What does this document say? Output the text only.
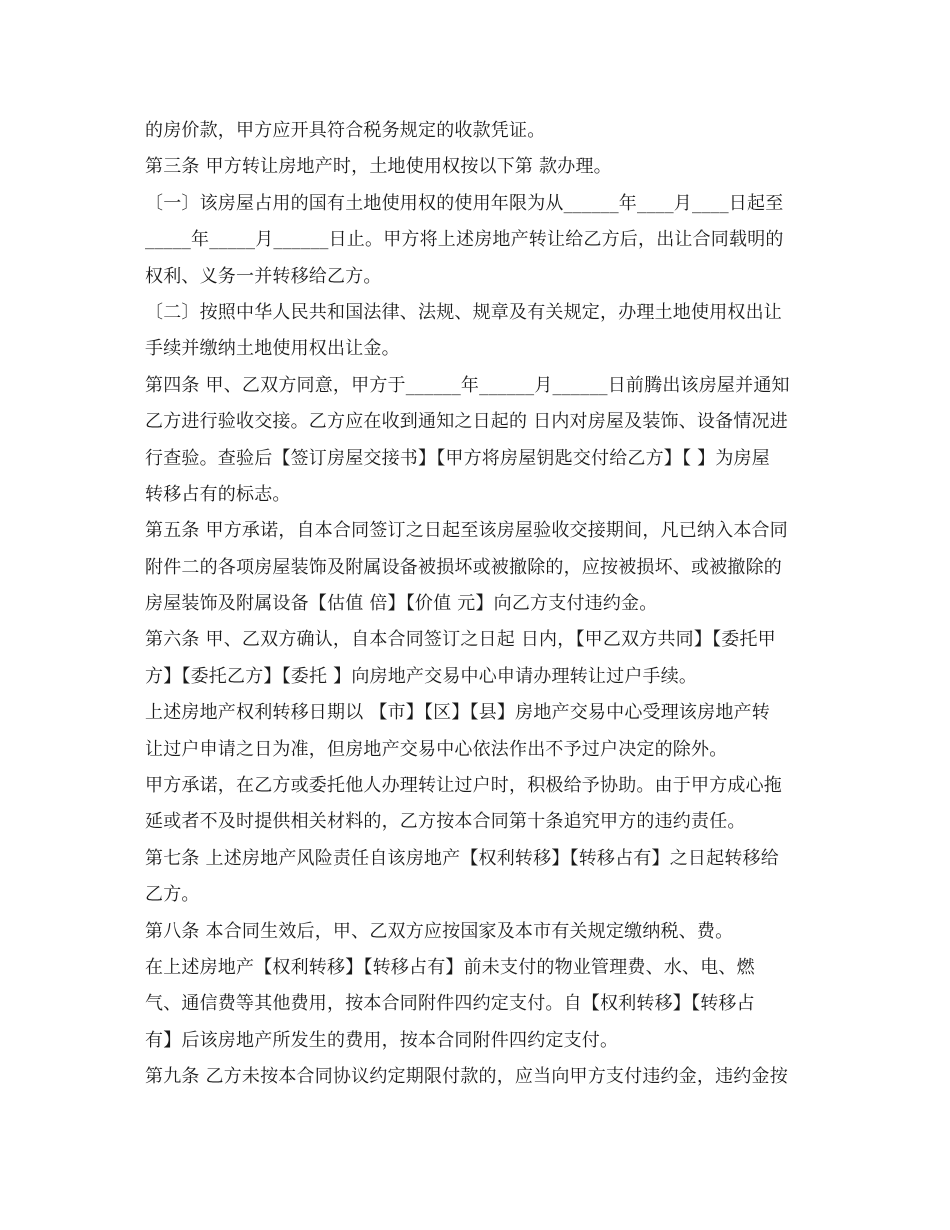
的房价款，甲方应开具符合税务规定的收款凭证。
第三条 甲方转让房地产时，土地使用权按以下第 款办理。
〔一〕该房屋占用的国有土地使用权的使用年限为从______年____月____日起至
_____年_____月______日止。甲方将上述房地产转让给乙方后，出让合同载明的
权利、义务一并转移给乙方。
〔二〕按照中华人民共和国法律、法规、规章及有关规定，办理土地使用权出让
手续并缴纳土地使用权出让金。
第四条 甲、乙双方同意，甲方于______年______月______日前腾出该房屋并通知
乙方进行验收交接。乙方应在收到通知之日起的 日内对房屋及装饰、设备情况进
行查验。查验后【签订房屋交接书】【甲方将房屋钥匙交付给乙方】【 】为房屋
转移占有的标志。
第五条 甲方承诺，自本合同签订之日起至该房屋验收交接期间，凡已纳入本合同
附件二的各项房屋装饰及附属设备被损坏或被撤除的，应按被损坏、或被撤除的
房屋装饰及附属设备【估值 倍】【价值 元】向乙方支付违约金。
第六条 甲、乙双方确认，自本合同签订之日起 日内，【甲乙双方共同】【委托甲
方】【委托乙方】【委托 】向房地产交易中心申请办理转让过户手续。
上述房地产权利转移日期以 【市】【区】【县】房地产交易中心受理该房地产转
让过户申请之日为准，但房地产交易中心依法作出不予过户决定的除外。
甲方承诺，在乙方或委托他人办理转让过户时，积极给予协助。由于甲方成心拖
延或者不及时提供相关材料的，乙方按本合同第十条追究甲方的违约责任。
第七条 上述房地产风险责任自该房地产【权利转移】【转移占有】之日起转移给
乙方。
第八条 本合同生效后，甲、乙双方应按国家及本市有关规定缴纳税、费。
在上述房地产【权利转移】【转移占有】前未支付的物业管理费、水、电、燃
气、通信费等其他费用，按本合同附件四约定支付。自【权利转移】【转移占
有】后该房地产所发生的费用，按本合同附件四约定支付。
第九条 乙方未按本合同协议约定期限付款的，应当向甲方支付违约金，违约金按
